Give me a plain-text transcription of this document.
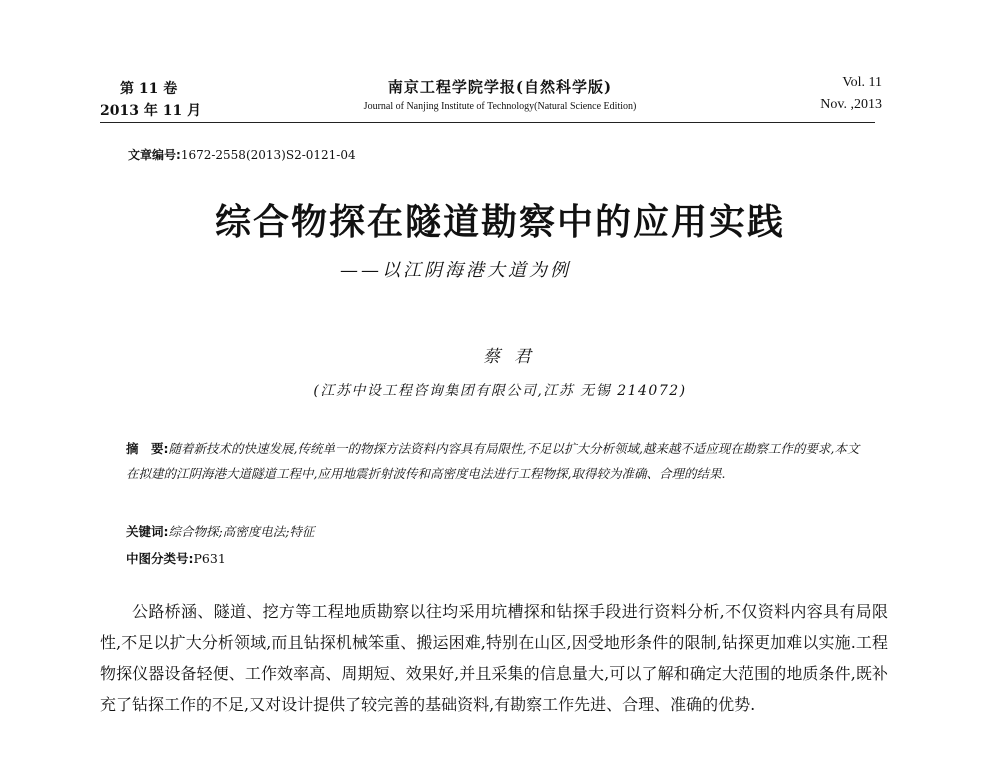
第 11 卷
2013 年 11 月
南京工程学院学报(自然科学版)
Journal of Nanjing Institute of Technology(Natural Science Edition)
Vol. 11
Nov. ,2013
文章编号:1672-2558(2013)S2-0121-04
综合物探在隧道勘察中的应用实践
——以江阴海港大道为例
蔡君
(江苏中设工程咨询集团有限公司,江苏 无锡 214072)
摘　要:随着新技术的快速发展,传统单一的物探方法资料内容具有局限性,不足以扩大分析领域,越来越不适应现在勘察工作的要求,本文在拟建的江阴海港大道隧道工程中,应用地震折射波传和高密度电法进行工程物探,取得较为准确、合理的结果.
关键词:综合物探;高密度电法;特征
中图分类号:P631
公路桥涵、隧道、挖方等工程地质勘察以往均采用坑槽探和钻探手段进行资料分析,不仅资料内容具有局限性,不足以扩大分析领域,而且钻探机械笨重、搬运困难,特别在山区,因受地形条件的限制,钻探更加难以实施.工程物探仪器设备轻便、工作效率高、周期短、效果好,并且采集的信息量大,可以了解和确定大范围的地质条件,既补充了钻探工作的不足,又对设计提供了较完善的基础资料,有勘察工作先进、合理、准确的优势.
